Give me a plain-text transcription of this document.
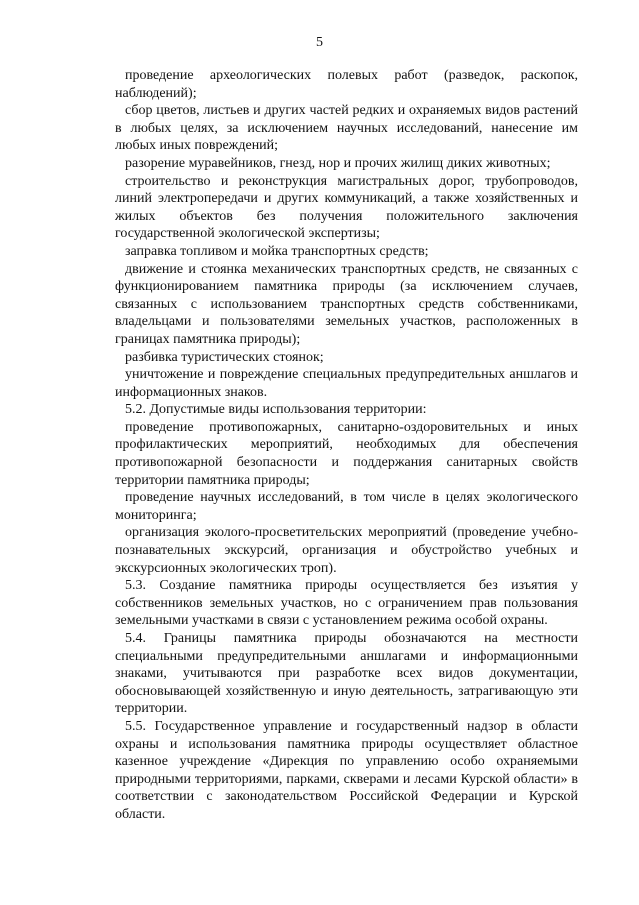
5

проведение археологических полевых работ (разведок, раскопок, наблюдений);

сбор цветов, листьев и других частей редких и охраняемых видов растений в любых целях, за исключением научных исследований, нанесение им любых иных повреждений;

разорение муравейников, гнезд, нор и прочих жилищ диких животных;

строительство и реконструкция магистральных дорог, трубопроводов, линий электропередачи и других коммуникаций, а также хозяйственных и жилых объектов без получения положительного заключения государственной экологической экспертизы;

заправка топливом и мойка транспортных средств;

движение и стоянка механических транспортных средств, не связанных с функционированием памятника природы (за исключением случаев, связанных с использованием транспортных средств собственниками, владельцами и пользователями земельных участков, расположенных в границах памятника природы);

разбивка туристических стоянок;

уничтожение и повреждение специальных предупредительных аншлагов и информационных знаков.

5.2. Допустимые виды использования территории:

проведение противопожарных, санитарно-оздоровительных и иных профилактических мероприятий, необходимых для обеспечения противопожарной безопасности и поддержания санитарных свойств территории памятника природы;

проведение научных исследований, в том числе в целях экологического мониторинга;

организация эколого-просветительских мероприятий (проведение учебно-познавательных экскурсий, организация и обустройство учебных и экскурсионных экологических троп).

5.3. Создание памятника природы осуществляется без изъятия у собственников земельных участков, но с ограничением прав пользования земельными участками в связи с установлением режима особой охраны.

5.4. Границы памятника природы обозначаются на местности специальными предупредительными аншлагами и информационными знаками, учитываются при разработке всех видов документации, обосновывающей хозяйственную и иную деятельность, затрагивающую эти территории.

5.5. Государственное управление и государственный надзор в области охраны и использования памятника природы осуществляет областное казенное учреждение «Дирекция по управлению особо охраняемыми природными территориями, парками, скверами и лесами Курской области» в соответствии с законодательством Российской Федерации и Курской области.
